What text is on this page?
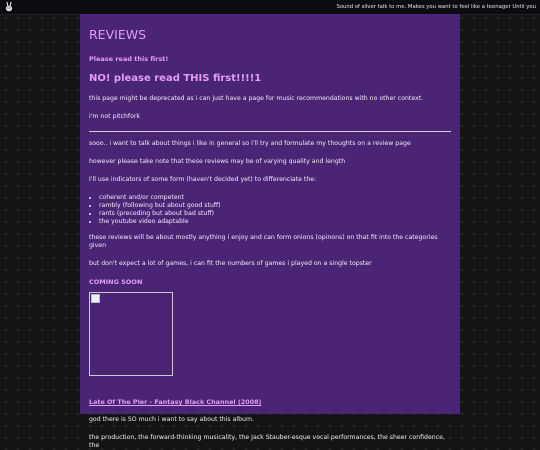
Sound of silver talk to me. Makes you want to feel like a teenager Until you
REVIEWS
Please read this first!
NO! please read THIS first!!!!1

this page might be deprecated as i can just have a page for music recommendations with no other context.

i'm not pitchfork

sooo.. i want to talk about things i like in general so i'll try and formulate my thoughts on a review page

however please take note that these reviews may be of varying quality and length

I'll use indicators of some form (haven't decided yet) to differenciate the:

• coherent and/or competent
• rambly (following but about good stuff)
• rants (preceding but about bad stuff)
• the youtube video adaptable

these reviews will be about mostly anything i enjoy and can form onions (opinons) on that fit into the categories given

but don't expect a lot of games, i can fit the numbers of games i played on a single topster

COMING SOON
Late Of The Pier - Fantasy Black Channel (2008)

god there is SO much i want to say about this album.

the production, the forward-thinking musicality, the Jack Stauber-esque vocal performances, the sheer confidence, the
